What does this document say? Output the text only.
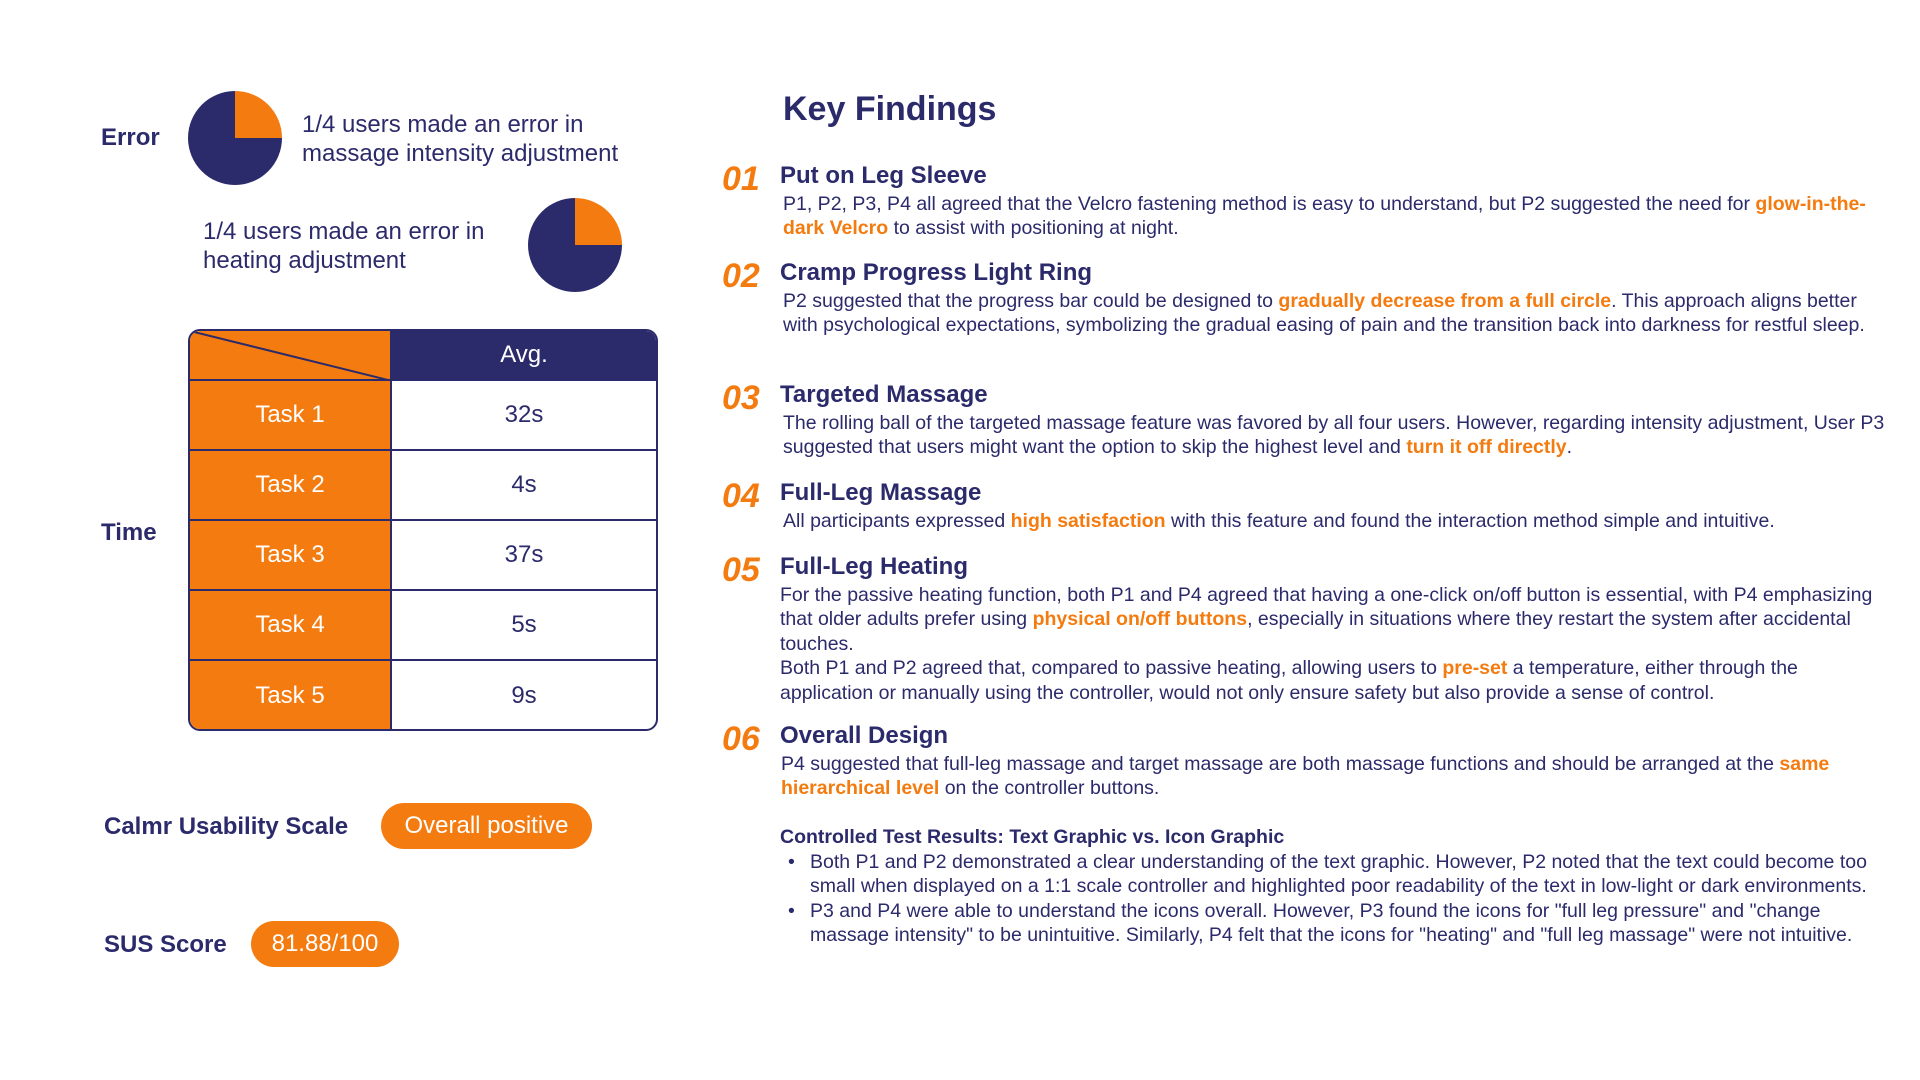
Error	1/4 users made an error in
massage intensity adjustment
1/4 users made an error in
heating adjustment
Time
Avg.
Task 1	32s
Task 2	4s
Task 3	37s
Task 4	5s
Task 5	9s
Calmr Usability Scale	Overall positive
SUS Score	81.88/100
Key Findings
01 Put on Leg Sleeve
P1, P2, P3, P4 all agreed that the Velcro fastening method is easy to understand, but P2 suggested the need for glow-in-the-dark Velcro to assist with positioning at night.
02 Cramp Progress Light Ring
P2 suggested that the progress bar could be designed to gradually decrease from a full circle. This approach aligns better with psychological expectations, symbolizing the gradual easing of pain and the transition back into darkness for restful sleep.
03 Targeted Massage
The rolling ball of the targeted massage feature was favored by all four users. However, regarding intensity adjustment, User P3 suggested that users might want the option to skip the highest level and turn it off directly.
04 Full-Leg Massage
All participants expressed high satisfaction with this feature and found the interaction method simple and intuitive.
05 Full-Leg Heating
For the passive heating function, both P1 and P4 agreed that having a one-click on/off button is essential, with P4 emphasizing that older adults prefer using physical on/off buttons, especially in situations where they restart the system after accidental touches.
Both P1 and P2 agreed that, compared to passive heating, allowing users to pre-set a temperature, either through the application or manually using the controller, would not only ensure safety but also provide a sense of control.
06 Overall Design
P4 suggested that full-leg massage and target massage are both massage functions and should be arranged at the same hierarchical level on the controller buttons.
Controlled Test Results: Text Graphic vs. Icon Graphic
• Both P1 and P2 demonstrated a clear understanding of the text graphic. However, P2 noted that the text could become too small when displayed on a 1:1 scale controller and highlighted poor readability of the text in low-light or dark environments.
• P3 and P4 were able to understand the icons overall. However, P3 found the icons for "full leg pressure" and "change massage intensity" to be unintuitive. Similarly, P4 felt that the icons for "heating" and "full leg massage" were not intuitive.
